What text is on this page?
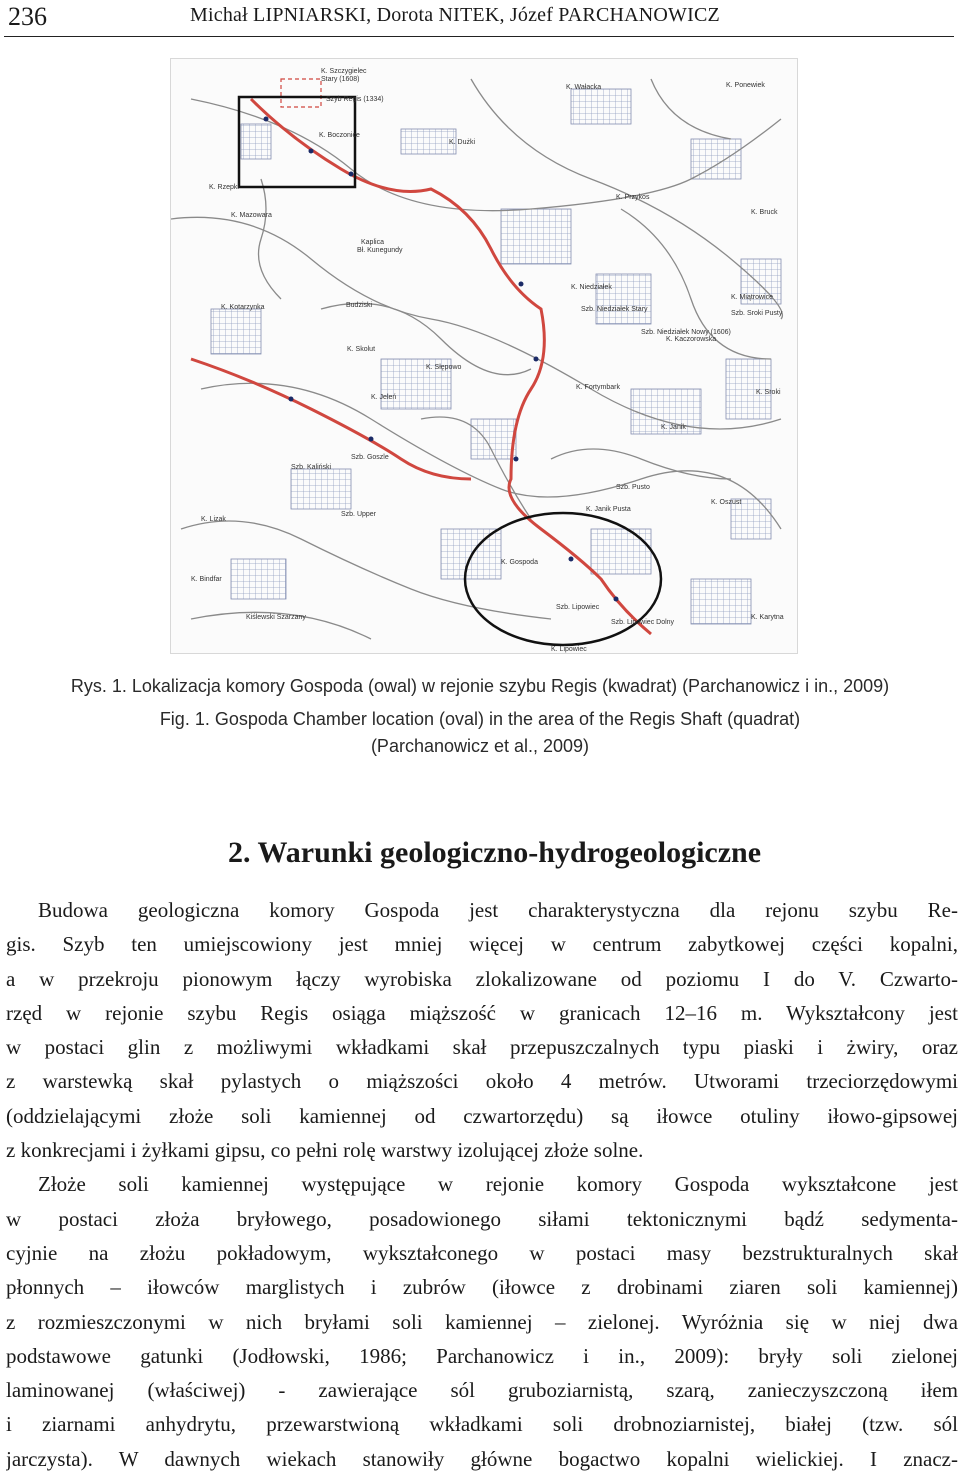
236	Michał LIPNIARSKI, Dorota NITEK, Józef PARCHANOWICZ
K. Szczygielec
Stary (1608)
Szyb Regis (1334)
K. Boczonice
K. Dużki
K. Wałacka	K. Ponewiek
K. Przykos
K. Bruck
K. Rzepki
K. Mazowara
Kaplica
Bł. Kunegundy
Budziski
K. Niedziałek
Szb. Niedziałek Stary
Szb. Niedziałek Nowy (1606)
K. Miątrowice
Szb. Sroki Pusty
K. Kotarzynka
K. Skolut
K. Słępowo
K. Kaczorowska
K. Fortymbark
K. Jeleń
K. Janik
K. Sroki
Szb. Kaliński
Szb. Goszle
Szb. Upper
K. Janik Pusta
Szb. Pusto
K. Gospoda
K. Oszust
Szb. Lipowiec
Szb. Lipowiec Dolny
K. Lizak
K. Bindfar
Kiślewski Szarzany
K. Lipowiec
K. Karytna
Rys. 1. Lokalizacja komory Gospoda (owal) w rejonie szybu Regis (kwadrat) (Parchanowicz i in., 2009)
Fig. 1. Gospoda Chamber location (oval) in the area of the Regis Shaft (quadrat)
(Parchanowicz et al., 2009)
2. Warunki geologiczno-hydrogeologiczne
Budowa geologiczna komory Gospoda jest charakterystyczna dla rejonu szybu Re-
gis. Szyb ten umiejscowiony jest mniej więcej w centrum zabytkowej części kopalni,
a w przekroju pionowym łączy wyrobiska zlokalizowane od poziomu I do V. Czwarto-
rzęd w rejonie szybu Regis osiąga miąższość w granicach 12–16 m. Wykształcony jest
w postaci glin z możliwymi wkładkami skał przepuszczalnych typu piaski i żwiry, oraz
z warstewką skał pylastych o miąższości około 4 metrów. Utworami trzeciorzędowymi
(oddzielającymi złoże soli kamiennej od czwartorzędu) są iłowce otuliny iłowo-gipsowej
z konkrecjami i żyłkami gipsu, co pełni rolę warstwy izolującej złoże solne.
Złoże soli kamiennej występujące w rejonie komory Gospoda wykształcone jest
w postaci złoża bryłowego, posadowionego siłami tektonicznymi bądź sedymenta-
cyjnie na złożu pokładowym, wykształconego w postaci masy bezstrukturalnych skał
płonnych – iłowców marglistych i zubrów (iłowce z drobinami ziaren soli kamiennej)
z rozmieszczonymi w nich bryłami soli kamiennej – zielonej. Wyróżnia się w niej dwa
podstawowe gatunki (Jodłowski, 1986; Parchanowicz i in., 2009): bryły soli zielonej
laminowanej (właściwej) - zawierające sól gruboziarnistą, szarą, zanieczyszczoną iłem
i ziarnami anhydrytu, przewarstwioną wkładkami soli drobnoziarnistej, białej (tzw. sól
jarczysta). W dawnych wiekach stanowiły główne bogactwo kopalni wielickiej. I znacz-
